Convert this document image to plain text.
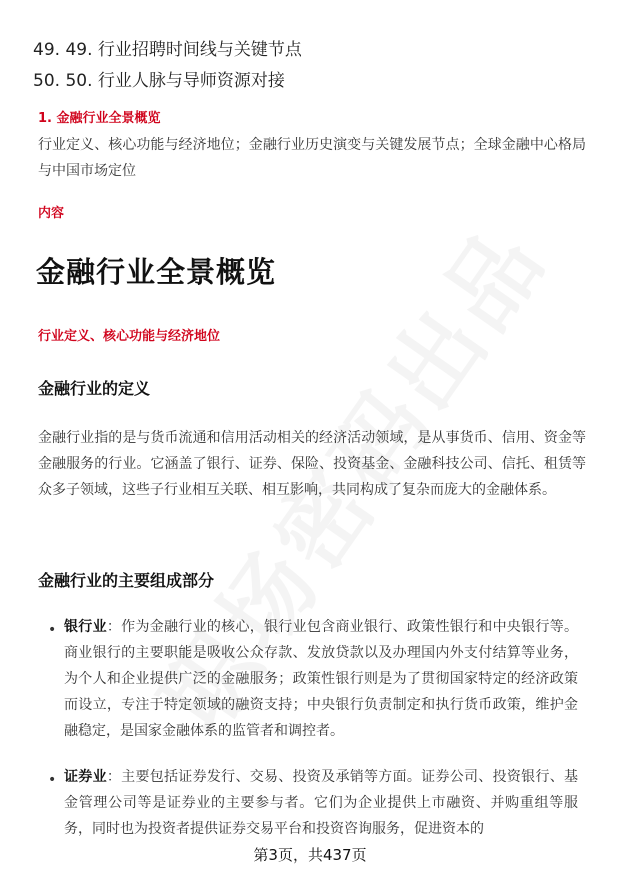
49. 49. 行业招聘时间线与关键节点
50. 50. 行业人脉与导师资源对接
1. 金融行业全景概览
行业定义、核心功能与经济地位；金融行业历史演变与关键发展节点；全球金融中心格局与中国市场定位
内容
金融行业全景概览
行业定义、核心功能与经济地位
金融行业的定义
金融行业指的是与货币流通和信用活动相关的经济活动领域，是从事货币、信用、资金等金融服务的行业。它涵盖了银行、证券、保险、投资基金、金融科技公司、信托、租赁等众多子领域，这些子行业相互关联、相互影响，共同构成了复杂而庞大的金融体系。
金融行业的主要组成部分
• 银行业：作为金融行业的核心，银行业包含商业银行、政策性银行和中央银行等。商业银行的主要职能是吸收公众存款、发放贷款以及办理国内外支付结算等业务，为个人和企业提供广泛的金融服务；政策性银行则是为了贯彻国家特定的经济政策而设立，专注于特定领域的融资支持；中央银行负责制定和执行货币政策，维护金融稳定，是国家金融体系的监管者和调控者。
• 证券业：主要包括证券发行、交易、投资及承销等方面。证券公司、投资银行、基金管理公司等是证券业的主要参与者。它们为企业提供上市融资、并购重组等服务，同时也为投资者提供证券交易平台和投资咨询服务，促进资本的
第3页，共437页
